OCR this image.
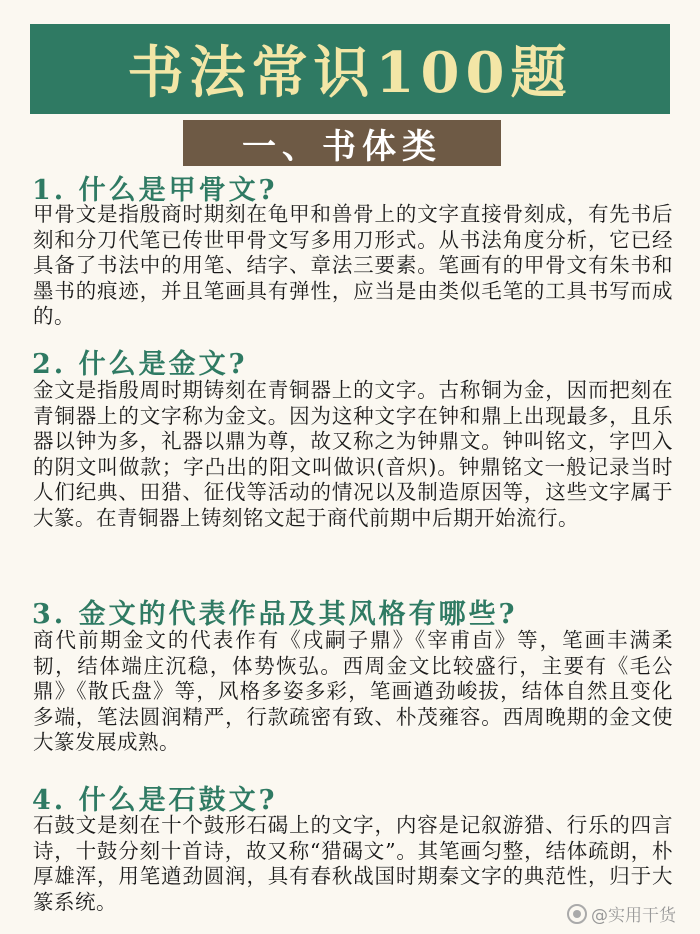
书法常识100题
一、书体类
1. 什么是甲骨文?
甲骨文是指殷商时期刻在龟甲和兽骨上的文字直接骨刻成，有先书后刻和分刀代笔已传世甲骨文写多用刀形式。从书法角度分析，它已经具备了书法中的用笔、结字、章法三要素。笔画有的甲骨文有朱书和墨书的痕迹，并且笔画具有弹性，应当是由类似毛笔的工具书写而成的。
2. 什么是金文?
金文是指殷周时期铸刻在青铜器上的文字。古称铜为金，因而把刻在青铜器上的文字称为金文。因为这种文字在钟和鼎上出现最多，且乐器以钟为多，礼器以鼎为尊，故又称之为钟鼎文。钟叫铭文，字凹入的阴文叫做款；字凸出的阳文叫做识(音炽)。钟鼎铭文一般记录当时人们纪典、田猎、征伐等活动的情况以及制造原因等，这些文字属于大篆。在青铜器上铸刻铭文起于商代前期中后期开始流行。
3. 金文的代表作品及其风格有哪些?
商代前期金文的代表作有《戌嗣子鼎》《宰甫卣》等，笔画丰满柔韧，结体端庄沉稳，体势恢弘。西周金文比较盛行，主要有《毛公鼎》《散氏盘》等，风格多姿多彩，笔画遒劲峻拔，结体自然且变化多端，笔法圆润精严，行款疏密有致、朴茂雍容。西周晚期的金文使大篆发展成熟。
4. 什么是石鼓文?
石鼓文是刻在十个鼓形石碣上的文字，内容是记叙游猎、行乐的四言诗，十鼓分刻十首诗，故又称“猎碣文”。其笔画匀整，结体疏朗，朴厚雄浑，用笔遒劲圆润，具有春秋战国时期秦文字的典范性，归于大篆系统。
@实用干货
